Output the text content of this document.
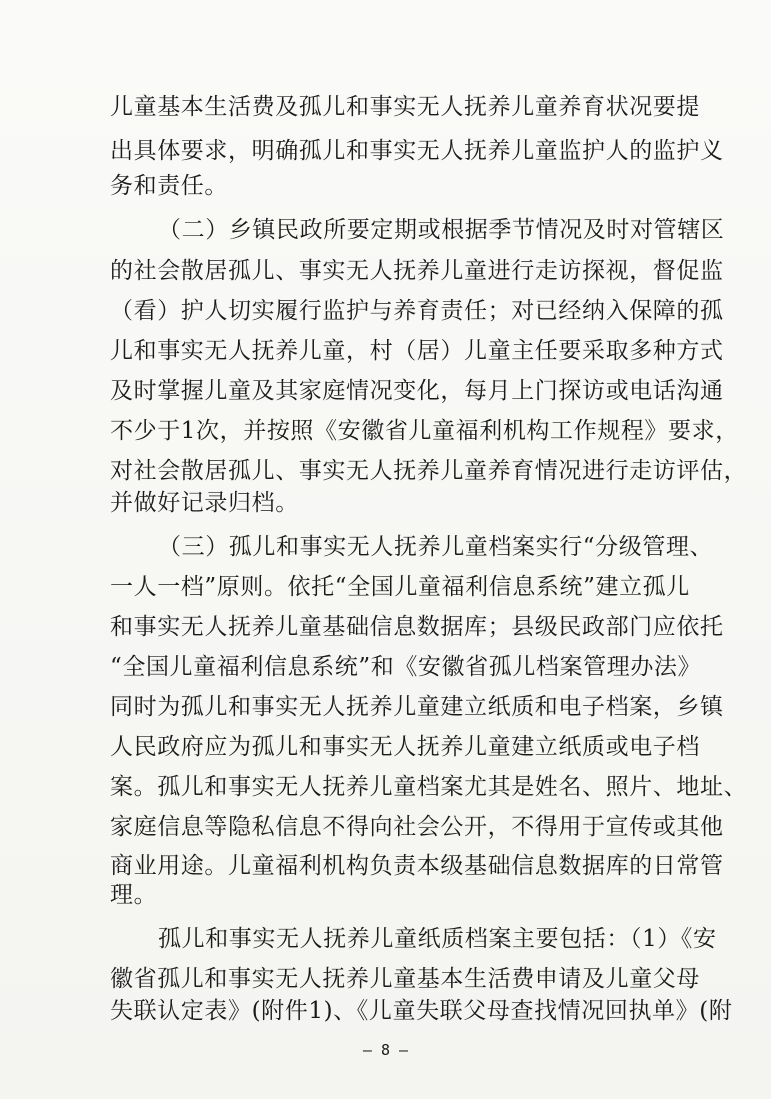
儿童基本生活费及孤儿和事实无人抚养儿童养育状况要提
出具体要求，明确孤儿和事实无人抚养儿童监护人的监护义
务和责任。
（二）乡镇民政所要定期或根据季节情况及时对管辖区
的社会散居孤儿、事实无人抚养儿童进行走访探视，督促监
（看）护人切实履行监护与养育责任；对已经纳入保障的孤
儿和事实无人抚养儿童，村（居）儿童主任要采取多种方式
及时掌握儿童及其家庭情况变化，每月上门探访或电话沟通
不少于1次，并按照《安徽省儿童福利机构工作规程》要求，
对社会散居孤儿、事实无人抚养儿童养育情况进行走访评估，
并做好记录归档。
（三）孤儿和事实无人抚养儿童档案实行“分级管理、
一人一档”原则。依托“全国儿童福利信息系统”建立孤儿
和事实无人抚养儿童基础信息数据库；县级民政部门应依托
“全国儿童福利信息系统”和《安徽省孤儿档案管理办法》
同时为孤儿和事实无人抚养儿童建立纸质和电子档案，乡镇
人民政府应为孤儿和事实无人抚养儿童建立纸质或电子档
案。孤儿和事实无人抚养儿童档案尤其是姓名、照片、地址、
家庭信息等隐私信息不得向社会公开，不得用于宣传或其他
商业用途。儿童福利机构负责本级基础信息数据库的日常管
理。
孤儿和事实无人抚养儿童纸质档案主要包括：（1）《安
徽省孤儿和事实无人抚养儿童基本生活费申请及儿童父母
失联认定表》(附件1)、《儿童失联父母查找情况回执单》(附
— 8 —
